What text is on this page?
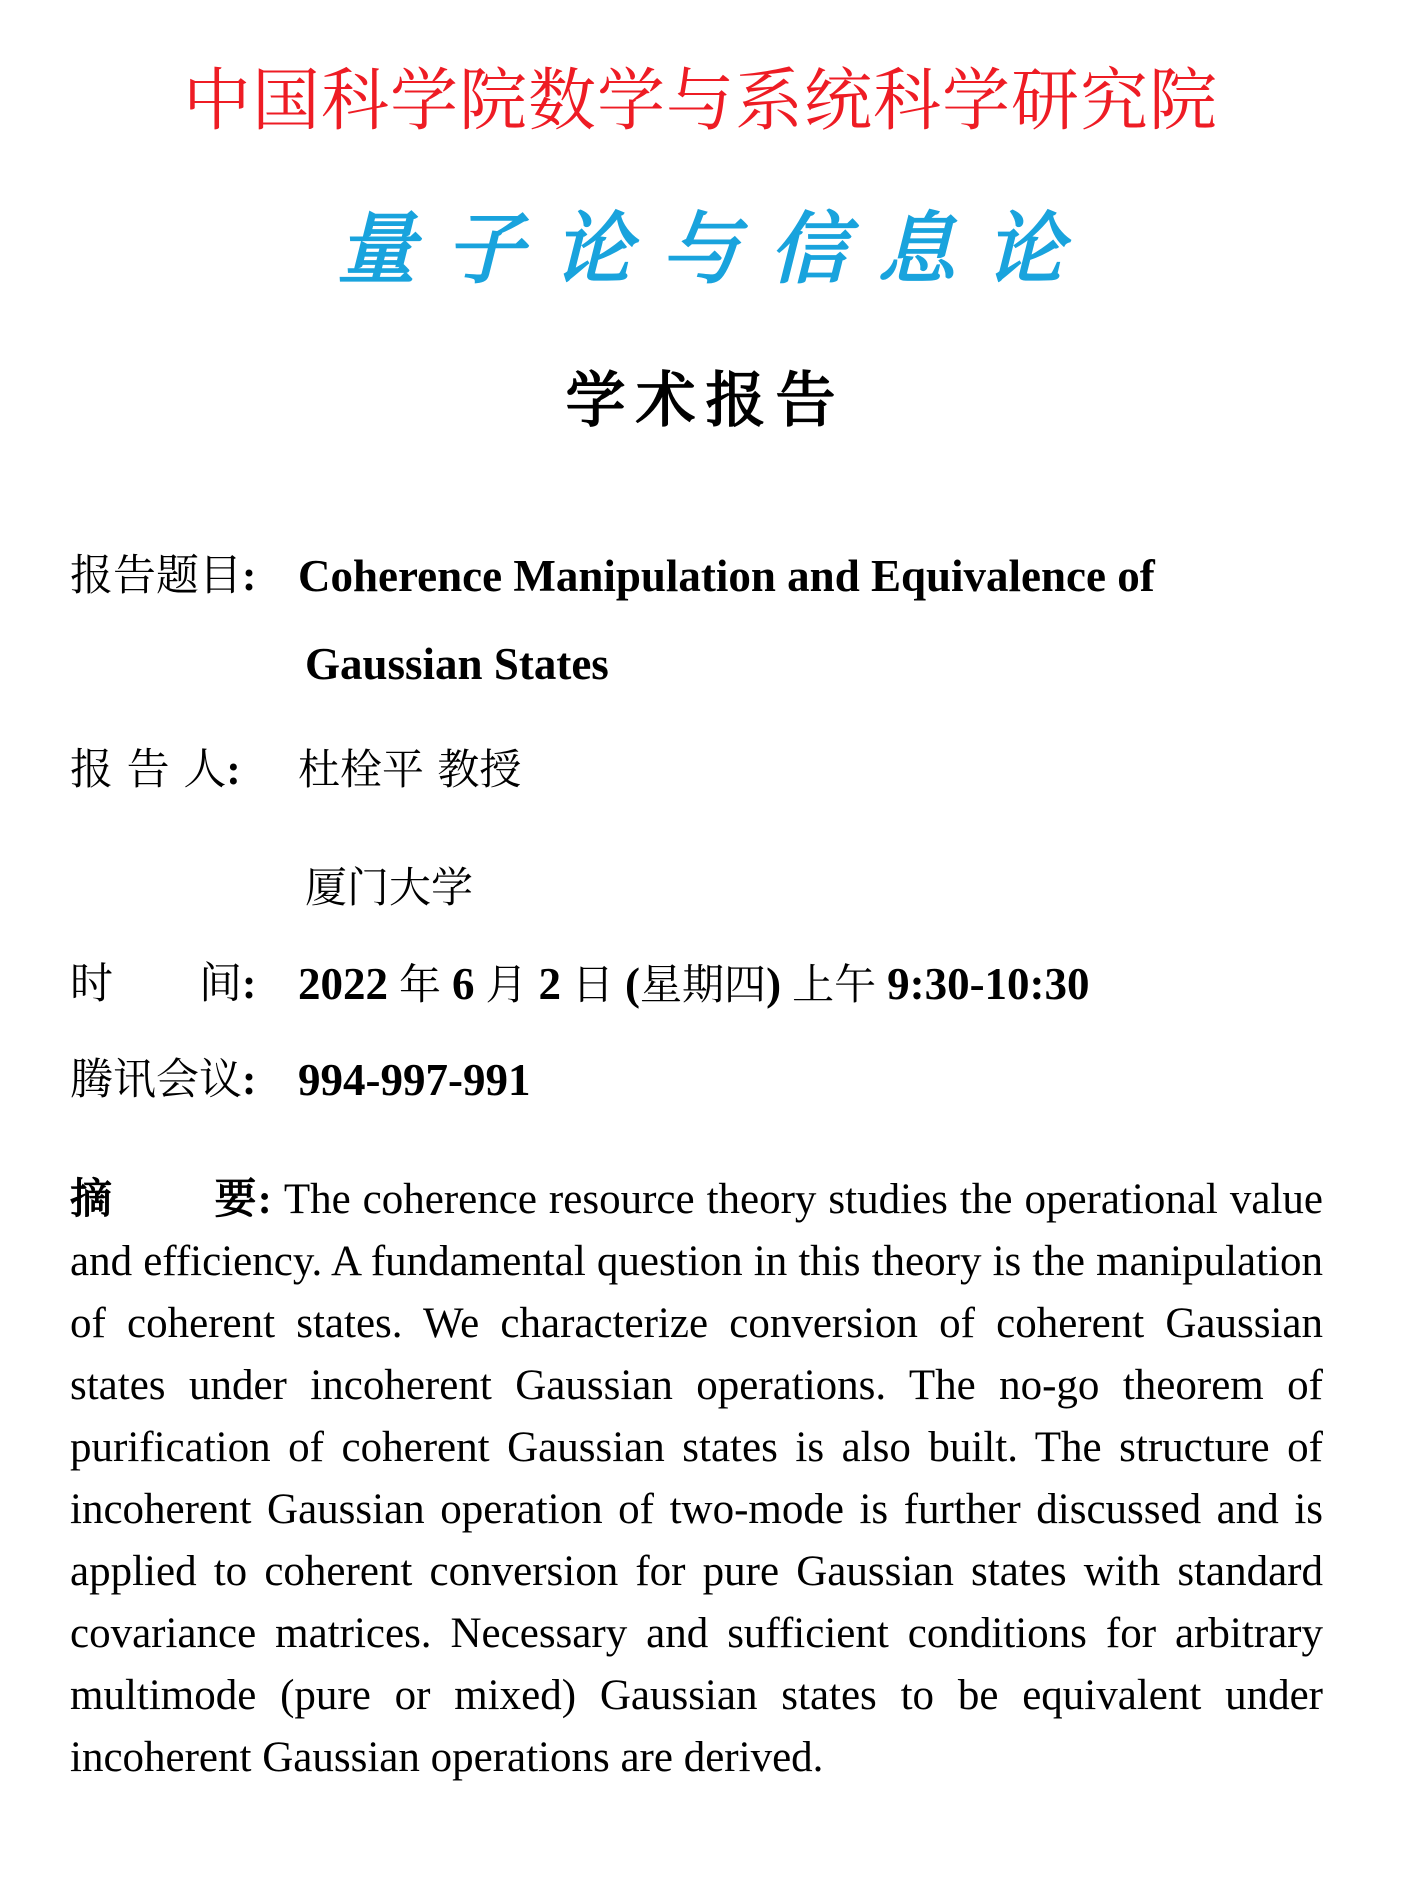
中国科学院数学与系统科学研究院
量子论与信息论
学术报告
报告题目: Coherence Manipulation and Equivalence of
Gaussian States
报 告 人:	杜栓平 教授
厦门大学
时　　间: 2022 年 6 月 2 日 (星期四) 上午 9:30-10:30
腾讯会议: 994-997-991
摘 要: The coherence resource theory studies the operational value and efficiency. A fundamental question in this theory is the manipulation of coherent states. We characterize conversion of coherent Gaussian states under incoherent Gaussian operations. The no-go theorem of purification of coherent Gaussian states is also built. The structure of incoherent Gaussian operation of two-mode is further discussed and is applied to coherent conversion for pure Gaussian states with standard covariance matrices. Necessary and sufficient conditions for arbitrary multimode (pure or mixed) Gaussian states to be equivalent under incoherent Gaussian operations are derived.
